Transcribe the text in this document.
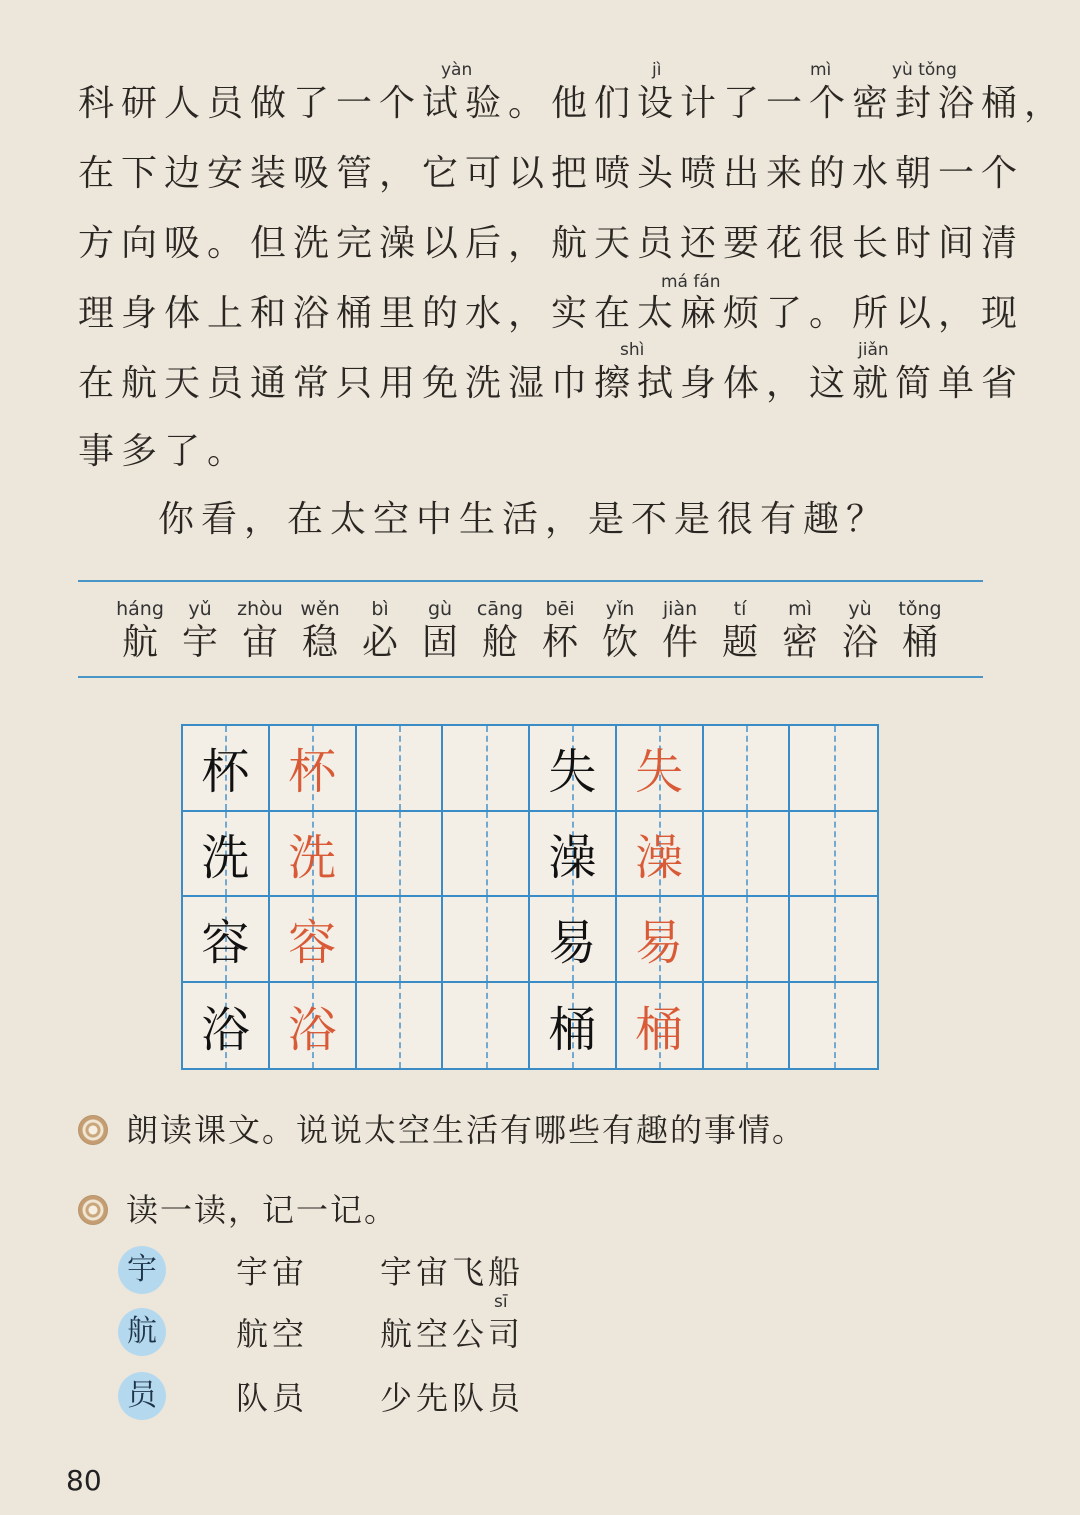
yàn	jì	mì	yù tǒng
má fán
shì	jiǎn
科研人员做了一个试验。他们设计了一个密封浴桶，
在下边安装吸管，它可以把喷头喷出来的水朝一个
方向吸。但洗完澡以后，航天员还要花很长时间清
理身体上和浴桶里的水，实在太麻烦了。所以，现
在航天员通常只用免洗湿巾擦拭身体，这就简单省
事多了。
你看，在太空中生活，是不是很有趣？
háng
航
yǔ
宇
zhòu
宙
wěn
稳
bì
必
gù
固
cāng
舱
bēi
杯
yǐn
饮
jiàn
件
tí
题
mì
密
yù
浴
tǒng
桶
杯 杯	失 失
洗 洗	澡 澡
容 容	易 易
浴 浴	桶 桶
朗读课文。说说太空生活有哪些有趣的事情。
读一读，记一记。
宇 宇宙 宇宙飞船
sī
航 航空 航空公司
员 队员 少先队员
80
